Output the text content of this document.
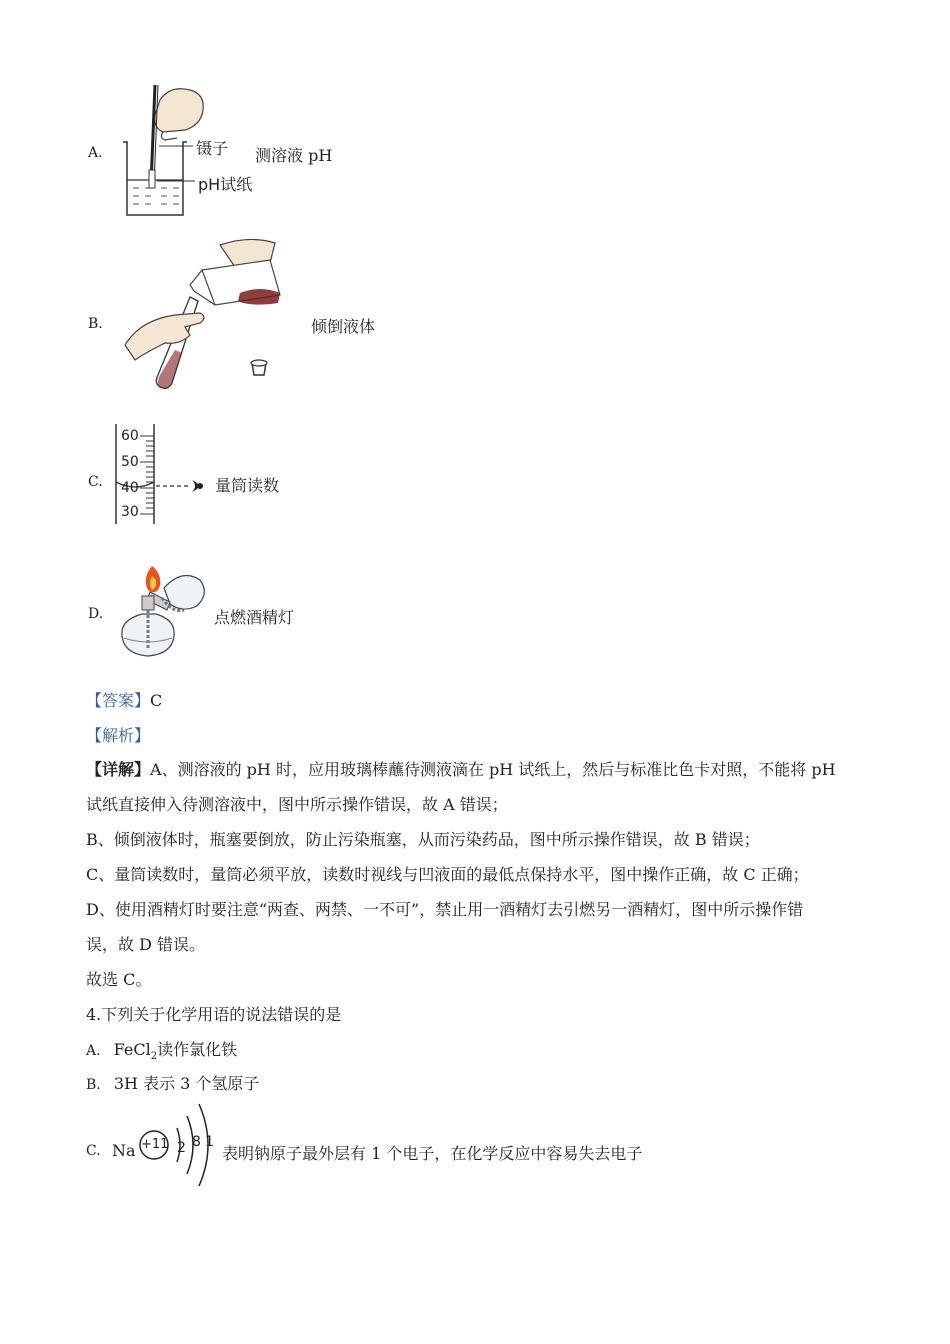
A.	镊子
pH试纸
测溶液 pH
B.	倾倒液体
C.
60
50
40
30
量筒读数
D.	点燃酒精灯
【答案】C
【解析】
【详解】A、测溶液的 pH 时，应用玻璃棒蘸待测液滴在 pH 试纸上，然后与标准比色卡对照，不能将 pH
试纸直接伸入待测溶液中，图中所示操作错误，故 A 错误；
B、倾倒液体时，瓶塞要倒放，防止污染瓶塞，从而污染药品，图中所示操作错误，故 B 错误；
C、量筒读数时，量筒必须平放，读数时视线与凹液面的最低点保持水平，图中操作正确，故 C 正确；
D、使用酒精灯时要注意“两查、两禁、一不可”，禁止用一酒精灯去引燃另一酒精灯，图中所示操作错
误，故 D 错误。
故选 C。
4.下列关于化学用语的说法错误的是
A. FeCl$_2$读作氯化铁
B. 3H 表示 3 个氢原子
C. Na +11 2 8 1
表明钠原子最外层有 1 个电子，在化学反应中容易失去电子
